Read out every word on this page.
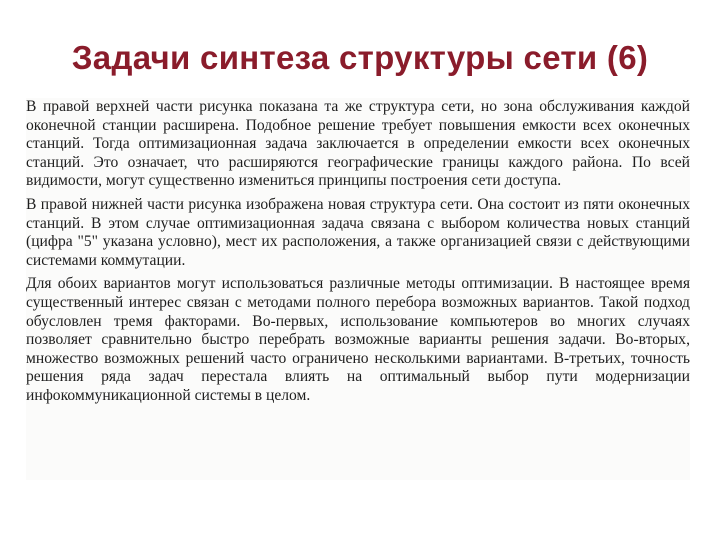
Задачи синтеза структуры сети (6)

В правой верхней части рисунка показана та же структура сети, но зона обслуживания каждой оконечной станции расширена. Подобное решение требует повышения емкости всех оконечных станций. Тогда оптимизационная задача заключается в определении емкости всех оконечных станций. Это означает, что расширяются географические границы каждого района. По всей видимости, могут существенно измениться принципы построения сети доступа.

В правой нижней части рисунка изображена новая структура сети. Она состоит из пяти оконечных станций. В этом случае оптимизационная задача связана с выбором количества новых станций (цифра "5" указана условно), мест их расположения, а также организацией связи с действующими системами коммутации.

Для обоих вариантов могут использоваться различные методы оптимизации. В настоящее время существенный интерес связан с методами полного перебора возможных вариантов. Такой подход обусловлен тремя факторами. Во-первых, использование компьютеров во многих случаях позволяет сравнительно быстро перебрать возможные варианты решения задачи. Во-вторых, множество возможных решений часто ограничено несколькими вариантами. В-третьих, точность решения ряда задач перестала влиять на оптимальный выбор пути модернизации инфокоммуникационной системы в целом.
